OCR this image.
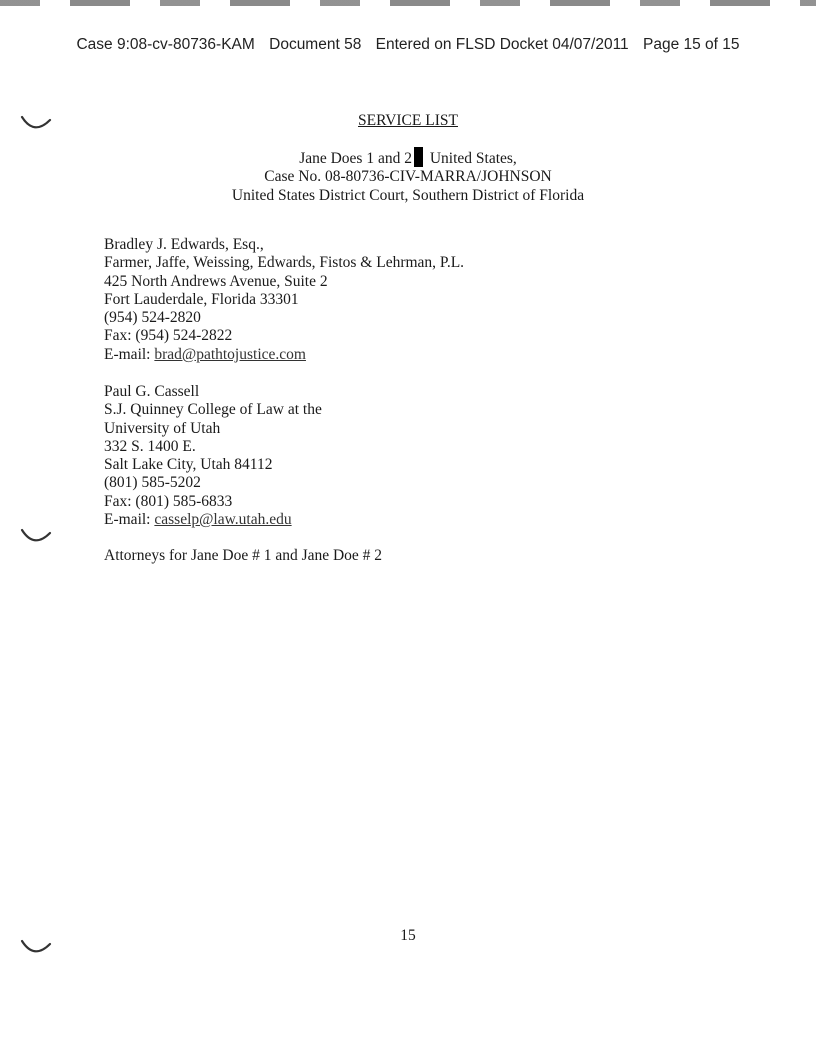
Case 9:08-cv-80736-KAM Document 58 Entered on FLSD Docket 04/07/2011 Page 15 of 15
SERVICE LIST
Jane Does 1 and 2 United States,
Case No. 08-80736-CIV-MARRA/JOHNSON
United States District Court, Southern District of Florida
Bradley J. Edwards, Esq.,
Farmer, Jaffe, Weissing, Edwards, Fistos & Lehrman, P.L.
425 North Andrews Avenue, Suite 2
Fort Lauderdale, Florida 33301
(954) 524-2820
Fax: (954) 524-2822
E-mail: brad@pathtojustice.com
Paul G. Cassell
S.J. Quinney College of Law at the
University of Utah
332 S. 1400 E.
Salt Lake City, Utah 84112
(801) 585-5202
Fax: (801) 585-6833
E-mail: casselp@law.utah.edu
Attorneys for Jane Doe # 1 and Jane Doe # 2
15
